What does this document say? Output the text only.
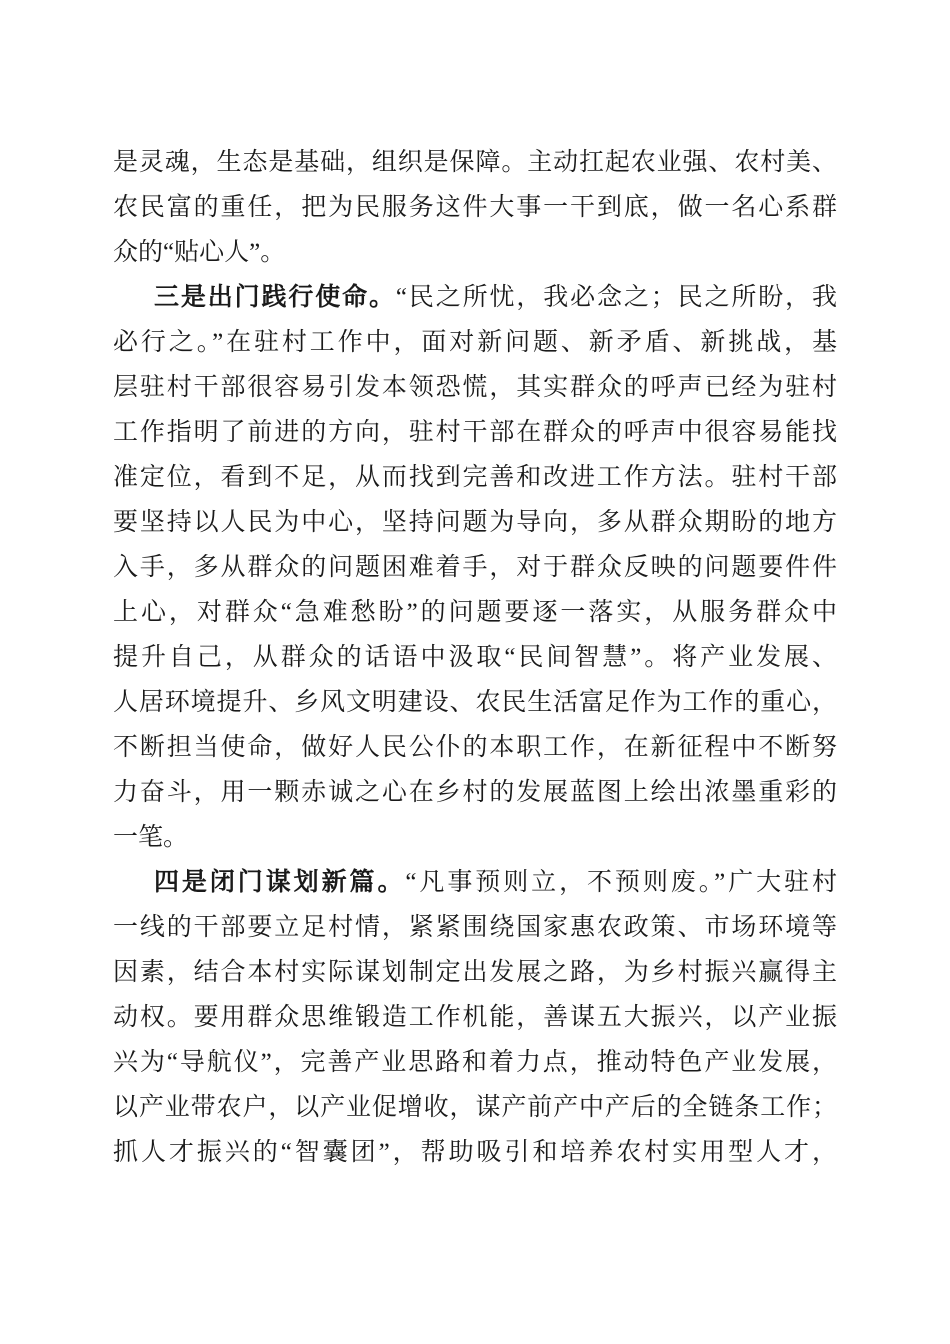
是灵魂，生态是基础，组织是保障。主动扛起农业强、农村美、
农民富的重任，把为民服务这件大事一干到底，做一名心系群
众的“贴心人”。
三是出门践行使命。“民之所忧，我必念之；民之所盼，我
必行之。”在驻村工作中，面对新问题、新矛盾、新挑战，基
层驻村干部很容易引发本领恐慌，其实群众的呼声已经为驻村
工作指明了前进的方向，驻村干部在群众的呼声中很容易能找
准定位，看到不足，从而找到完善和改进工作方法。驻村干部
要坚持以人民为中心，坚持问题为导向，多从群众期盼的地方
入手，多从群众的问题困难着手，对于群众反映的问题要件件
上心，对群众“急难愁盼”的问题要逐一落实，从服务群众中
提升自己，从群众的话语中汲取“民间智慧”。将产业发展、
人居环境提升、乡风文明建设、农民生活富足作为工作的重心，
不断担当使命，做好人民公仆的本职工作，在新征程中不断努
力奋斗，用一颗赤诚之心在乡村的发展蓝图上绘出浓墨重彩的
一笔。
四是闭门谋划新篇。“凡事预则立，不预则废。”广大驻村
一线的干部要立足村情，紧紧围绕国家惠农政策、市场环境等
因素，结合本村实际谋划制定出发展之路，为乡村振兴赢得主
动权。要用群众思维锻造工作机能，善谋五大振兴，以产业振
兴为“导航仪”，完善产业思路和着力点，推动特色产业发展，
以产业带农户，以产业促增收，谋产前产中产后的全链条工作；
抓人才振兴的“智囊团”，帮助吸引和培养农村实用型人才，
